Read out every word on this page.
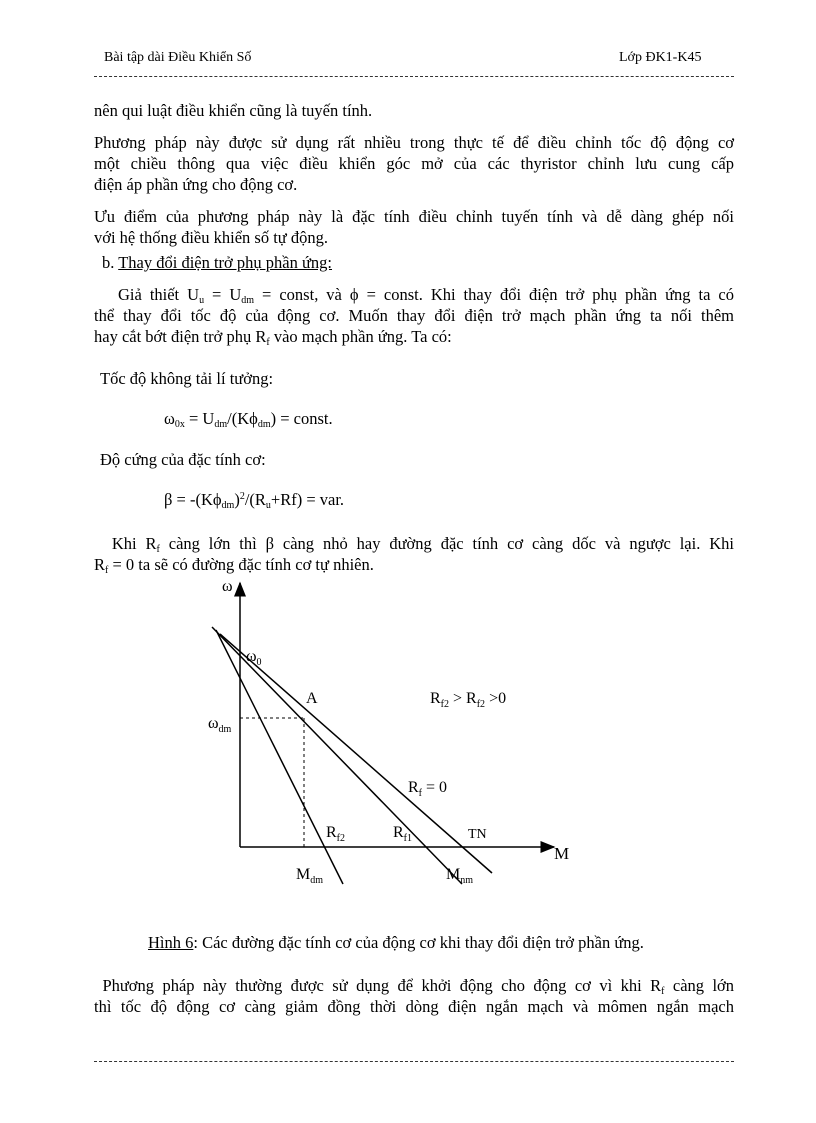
Bài tập dài Điều Khiển Số	Lớp ĐK1-K45
nên qui luật điều khiển cũng là tuyến tính.
Phương pháp này được sử dụng rất nhiều trong thực tế để điều chỉnh tốc độ động cơ
một chiều thông qua việc điều khiển góc mở của các thyristor chỉnh lưu cung cấp
điện áp phần ứng cho động cơ.
Ưu điểm của phương pháp này là đặc tính điều chỉnh tuyến tính và dễ dàng ghép nối
với hệ thống điều khiển số tự động.
b. Thay đổi điện trở phụ phần ứng:
Giả thiết $U_u = U_{dm}$ = const, và ϕ = const. Khi thay đổi điện trở phụ phần ứng ta có
thể thay đổi tốc độ của động cơ. Muốn thay đổi điện trở mạch phần ứng ta nối thêm
hay cắt bớt điện trở phụ $R_f$ vào mạch phần ứng. Ta có:
Tốc độ không tải lí tưởng:
$\omega_{0x} = U_{dm}/(K\phi_{dm})$ = const.
Độ cứng của đặc tính cơ:
$\beta = -(K\phi_{dm})^2/(R_u+Rf)$ = var.
Khi $R_f$ càng lớn thì β càng nhỏ hay đường đặc tính cơ càng dốc và ngược lại. Khi
$R_f = 0$ ta sẽ có đường đặc tính cơ tự nhiên.
ω
M
$\omega_0$
$\omega_{dm}$
A	$R_{f2} > R_{f2} >0$
$R_f = 0$
TN
$R_{f1}$
$R_{f2}$
$M_{dm}$	$M_{nm}$
Hình 6: Các đường đặc tính cơ của động cơ khi thay đổi điện trở phần ứng.
Phương pháp này thường được sử dụng để khởi động cho động cơ vì khi $R_f$ càng lớn
thì tốc độ động cơ càng giảm đồng thời dòng điện ngắn mạch và mômen ngắn mạch
